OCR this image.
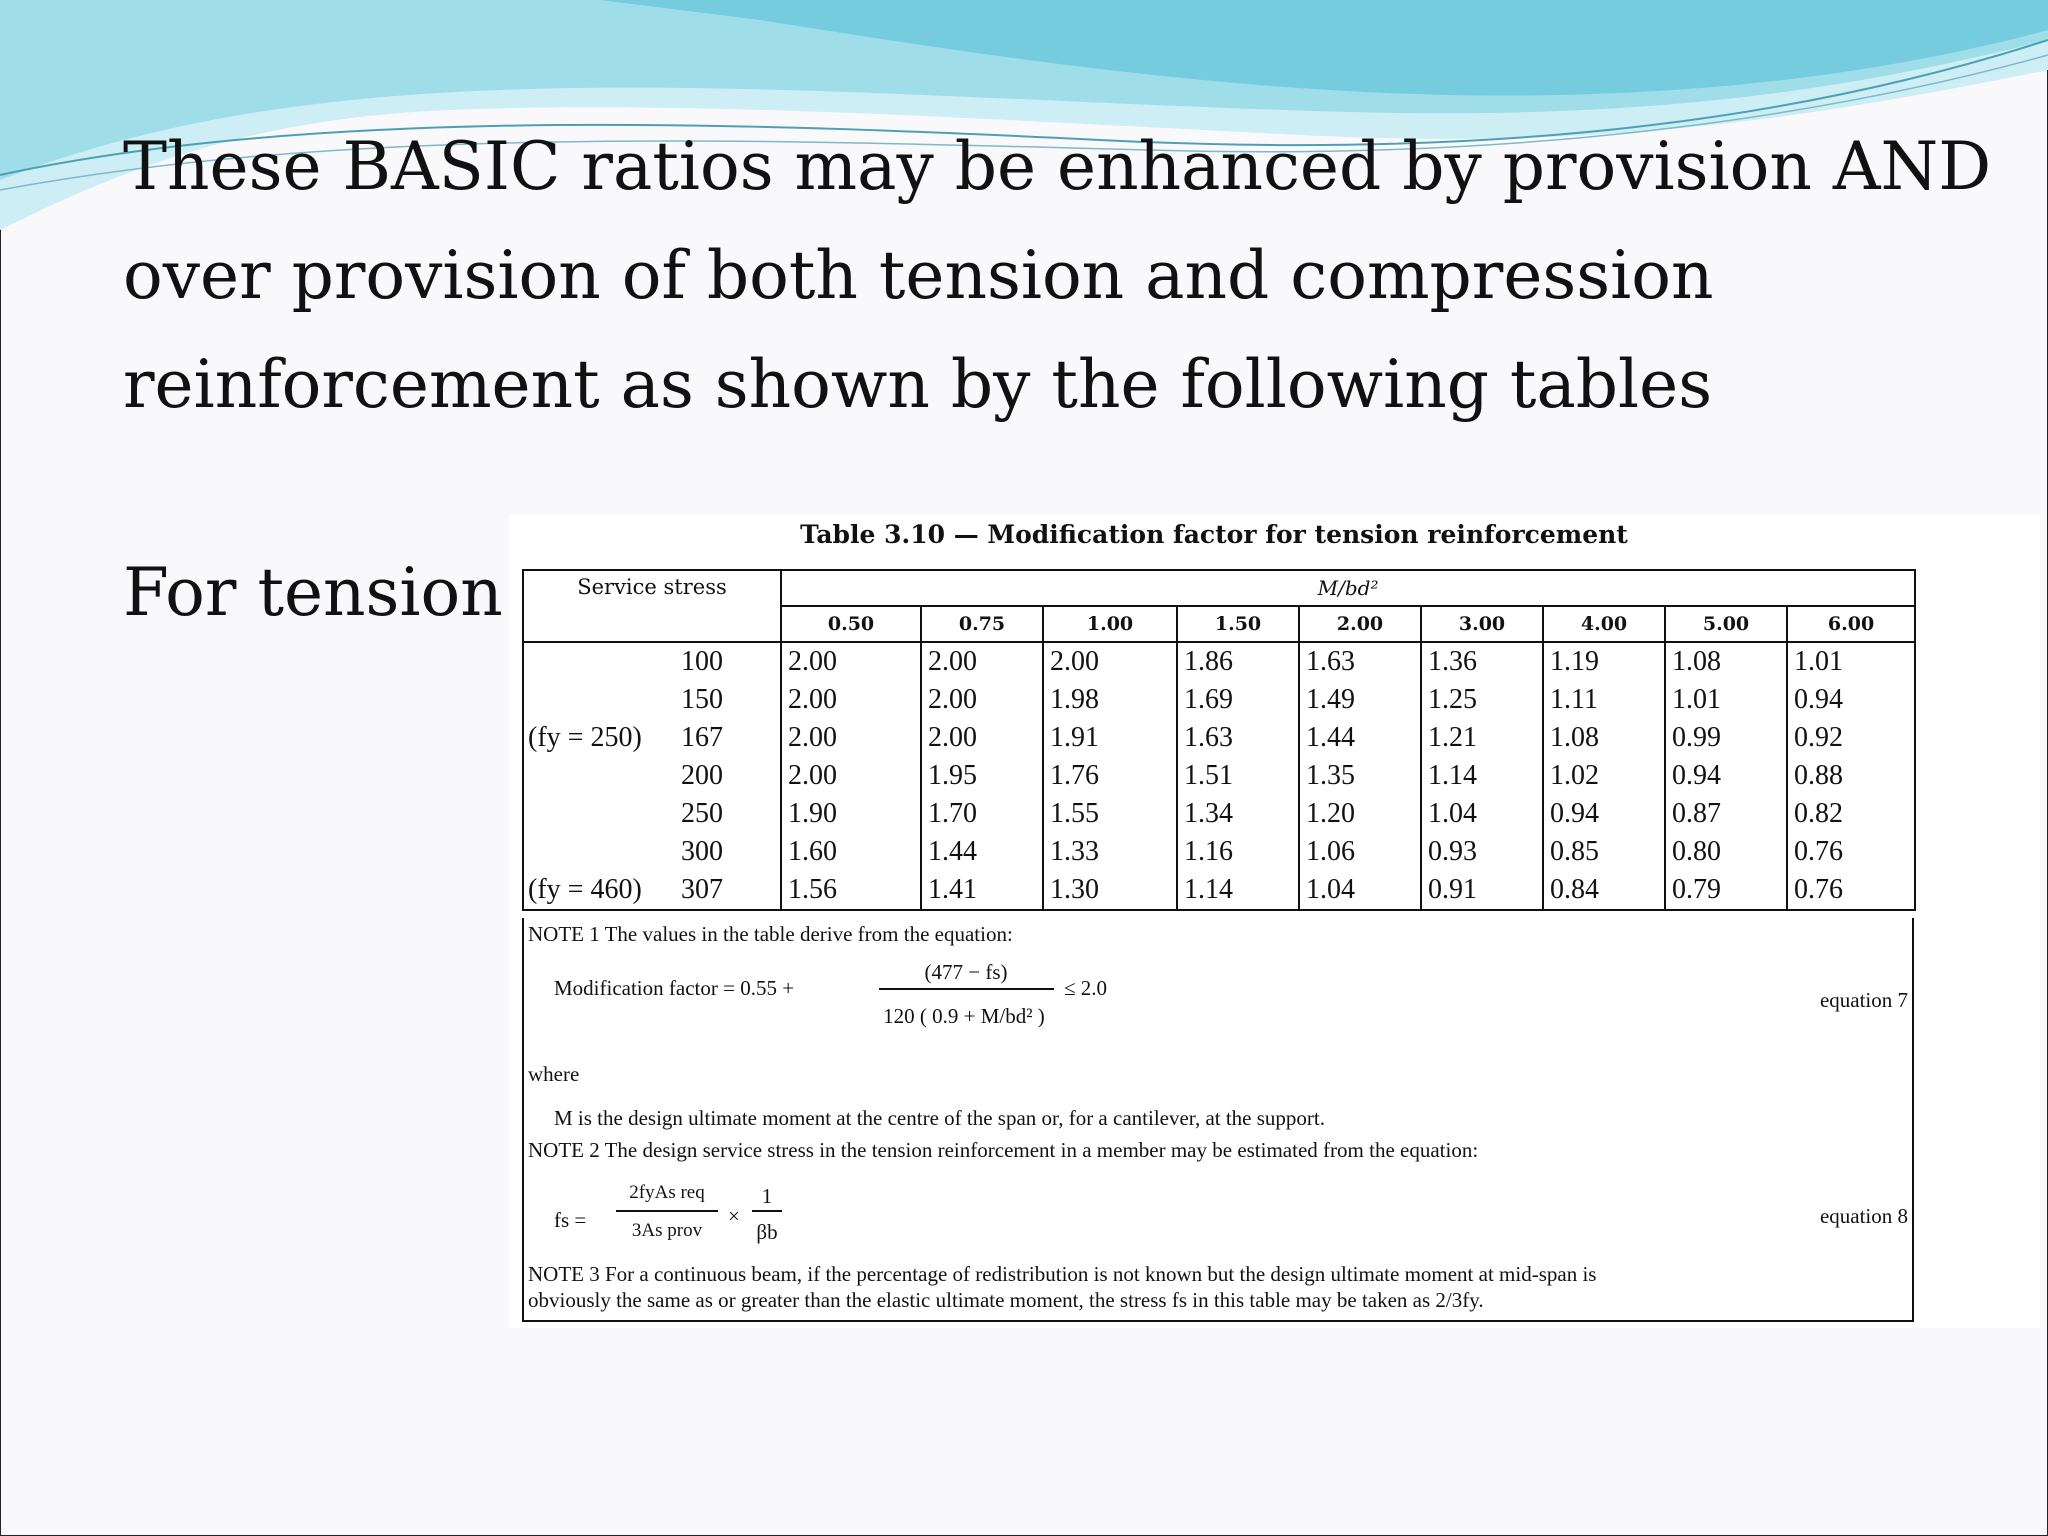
These BASIC ratios may be enhanced by provision AND over provision of both tension and compression reinforcement as shown by the following tables
For tension
Table 3.10 — Modification factor for tension reinforcement
Service stress	M/bd²								
	0.50	0.75	1.00	1.50	2.00	3.00	4.00	5.00	6.00
100	2.00	2.00	2.00	1.86	1.63	1.36	1.19	1.08	1.01
150	2.00	2.00	1.98	1.69	1.49	1.25	1.11	1.01	0.94
(fy = 250) 167	2.00	2.00	1.91	1.63	1.44	1.21	1.08	0.99	0.92
200	2.00	1.95	1.76	1.51	1.35	1.14	1.02	0.94	0.88
250	1.90	1.70	1.55	1.34	1.20	1.04	0.94	0.87	0.82
300	1.60	1.44	1.33	1.16	1.06	0.93	0.85	0.80	0.76
(fy = 460) 307	1.56	1.41	1.30	1.14	1.04	0.91	0.84	0.79	0.76
NOTE 1 The values in the table derive from the equation:
Modification factor = 0.55 +
(477 − fs)
120 ( 0.9 + M/bd² )
≤ 2.0	equation 7
where
M is the design ultimate moment at the centre of the span or, for a cantilever, at the support.
NOTE 2 The design service stress in the tension reinforcement in a member may be estimated from the equation:
fs =
2fyAs req
3As prov
×
1
βb
equation 8
NOTE 3 For a continuous beam, if the percentage of redistribution is not known but the design ultimate moment at mid-span is
obviously the same as or greater than the elastic ultimate moment, the stress fs in this table may be taken as 2/3fy.
